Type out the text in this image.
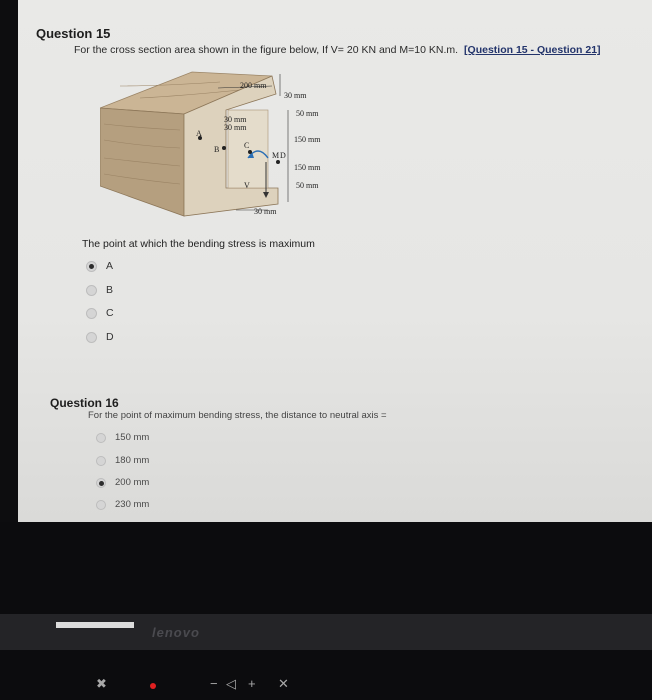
Question 15
For the cross section area shown in the figure below, If V= 20 KN and M=10 KN.m. [Question 15 - Question 21]
200 mm
30 mm
30 mm
30 mm
50 mm
150 mm
150 mm
50 mm
30 mm
A
B	C
D
M
V
The point at which the bending stress is maximum
A
B
C
D
Question 16
For the point of maximum bending stress, the distance to neutral axis =
150 mm
180 mm
200 mm
230 mm
lenovo
✖	− ◁ + ✕
